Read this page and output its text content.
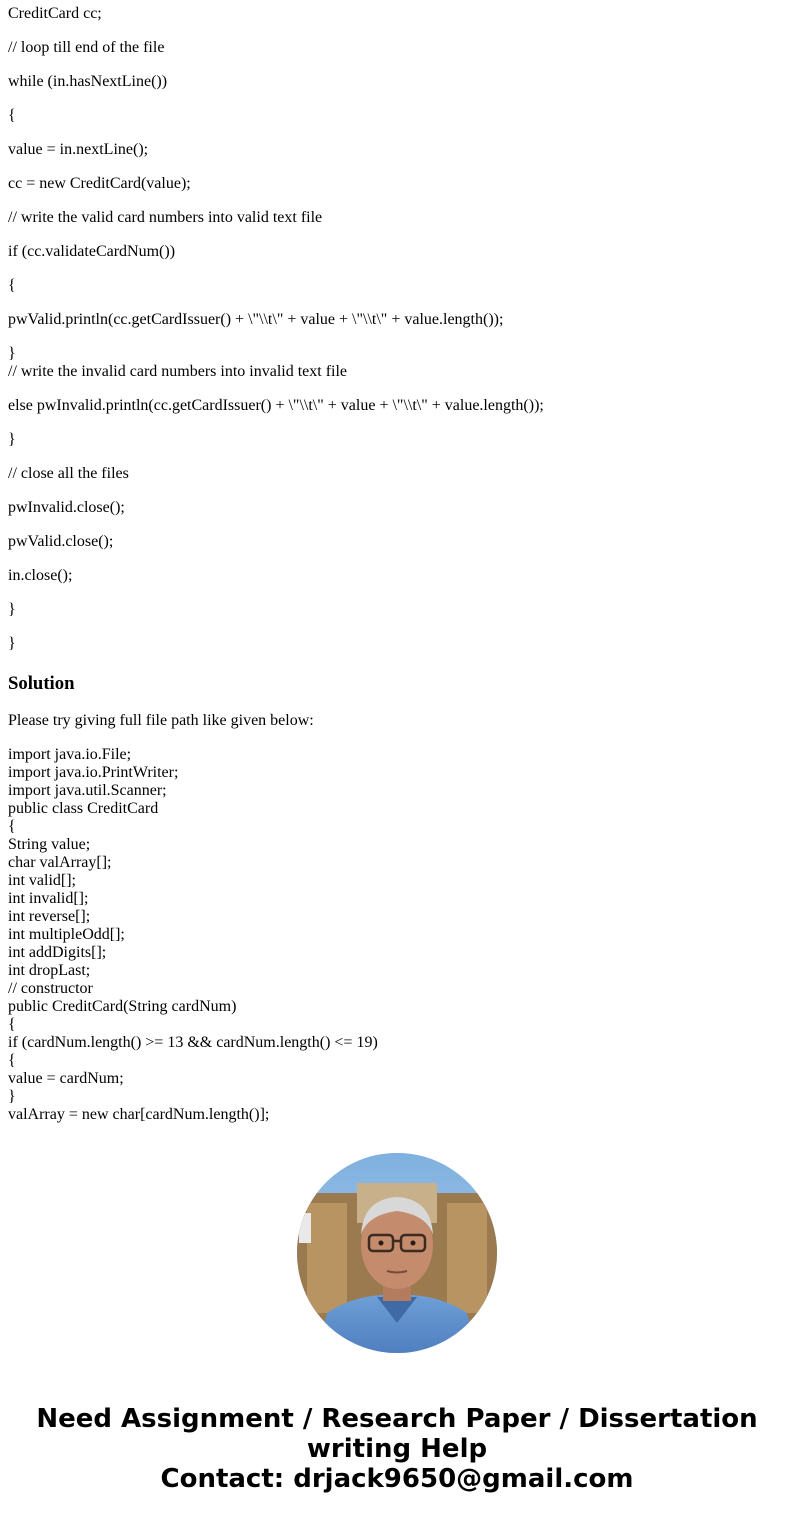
CreditCard cc;
// loop till end of the file
while (in.hasNextLine())
{
value = in.nextLine();
cc = new CreditCard(value);
// write the valid card numbers into valid text file
if (cc.validateCardNum())
{
pwValid.println(cc.getCardIssuer() + \"\\t\" + value + \"\\t\" + value.length());
}
// write the invalid card numbers into invalid text file
else pwInvalid.println(cc.getCardIssuer() + \"\\t\" + value + \"\\t\" + value.length());
}
// close all the files
pwInvalid.close();
pwValid.close();
in.close();
}
}
Solution
Please try giving full file path like given below:
import java.io.File;
import java.io.PrintWriter;
import java.util.Scanner;
public class CreditCard
{
String value;
char valArray[];
int valid[];
int invalid[];
int reverse[];
int multipleOdd[];
int addDigits[];
int dropLast;
// constructor
public CreditCard(String cardNum)
{
if (cardNum.length() >= 13 && cardNum.length() <= 19)
{
value = cardNum;
}
valArray = new char[cardNum.length()];
Need Assignment / Research Paper / Dissertation
writing Help
Contact: drjack9650@gmail.com
